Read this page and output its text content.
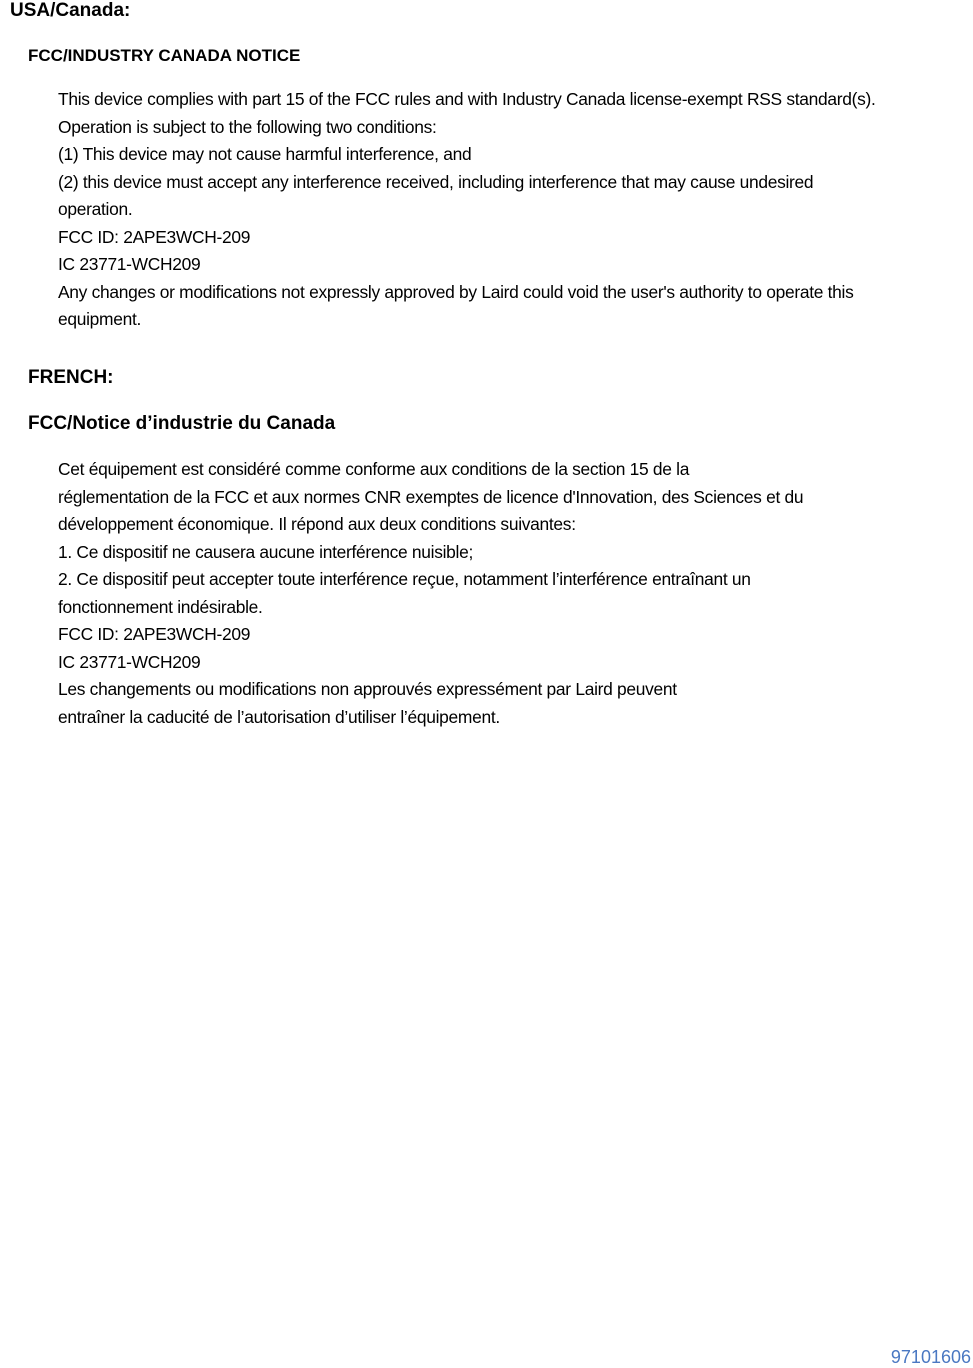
USA/Canada:
FCC/INDUSTRY CANADA NOTICE
This device complies with part 15 of the FCC rules and with Industry Canada license-exempt RSS standard(s).
Operation is subject to the following two conditions:
(1) This device may not cause harmful interference, and
(2) this device must accept any interference received, including interference that may cause undesired
operation.
FCC ID: 2APE3WCH-209
IC 23771-WCH209
Any changes or modifications not expressly approved by Laird could void the user's authority to operate this
equipment.
FRENCH:
FCC/Notice d’industrie du Canada
Cet équipement est considéré comme conforme aux conditions de la section 15 de la
réglementation de la FCC et aux normes CNR exemptes de licence d'Innovation, des Sciences et du
développement économique. Il répond aux deux conditions suivantes:
1. Ce dispositif ne causera aucune interférence nuisible;
2. Ce dispositif peut accepter toute interférence reçue, notamment l’interférence entraînant un
fonctionnement indésirable.
FCC ID: 2APE3WCH-209
IC 23771-WCH209
Les changements ou modifications non approuvés expressément par Laird peuvent
entraîner la caducité de l’autorisation d’utiliser l’équipement.
97101606
